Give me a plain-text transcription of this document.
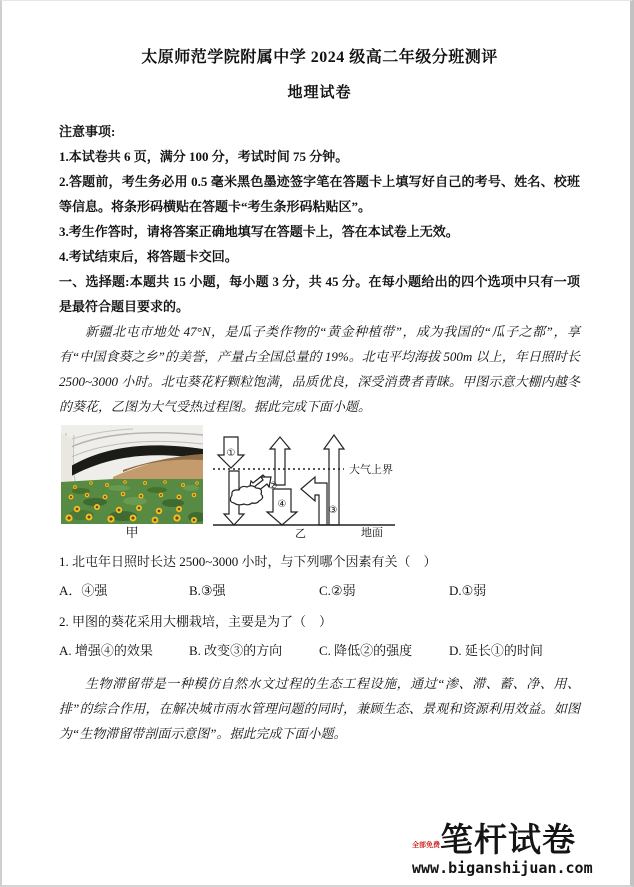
太原师范学院附属中学 2024 级高二年级分班测评
地理试卷

注意事项:

1.本试卷共 6 页，满分 100 分，考试时间 75 分钟。

2.答题前，考生务必用 0.5 毫米黑色墨迹签字笔在答题卡上填写好自己的考号、姓名、校班等信息。将条形码横贴在答题卡“考生条形码粘贴区”。

3.考生作答时，请将答案正确地填写在答题卡上，答在本试卷上无效。

4.考试结束后，将答题卡交回。

一、选择题:本题共 15 小题，每小题 3 分，共 45 分。在每小题给出的四个选项中只有一项是最符合题目要求的。

新疆北屯市地处 47°N，是瓜子类作物的“黄金种植带”，成为我国的“瓜子之都”，享有“中国食葵之乡”的美誉，产量占全国总量的 19%。北屯平均海拔 500m 以上，年日照时长 2500~3000 小时。北屯葵花籽颗粒饱满，品质优良，深受消费者青睐。甲图示意大棚内越冬的葵花，乙图为大气受热过程图。据此完成下面小题。

甲
①
②
③
④
大气上界
地面
乙

1. 北屯年日照时长达 2500~3000 小时，与下列哪个因素有关（　）

A．④强	B.③强	C.②弱	D.①弱

2. 甲图的葵花采用大棚栽培，主要是为了（　）

A. 增强④的效果	B. 改变③的方向	C. 降低②的强度	D. 延长①的时间

生物滞留带是一种模仿自然水文过程的生态工程设施，通过“渗、滞、蓄、净、用、排”的综合作用，在解决城市雨水管理问题的同时，兼顾生态、景观和资源利用效益。如图为“生物滞留带剖面示意图”。据此完成下面小题。

全部免费 笔杆试卷
www.biganshijuan.com
